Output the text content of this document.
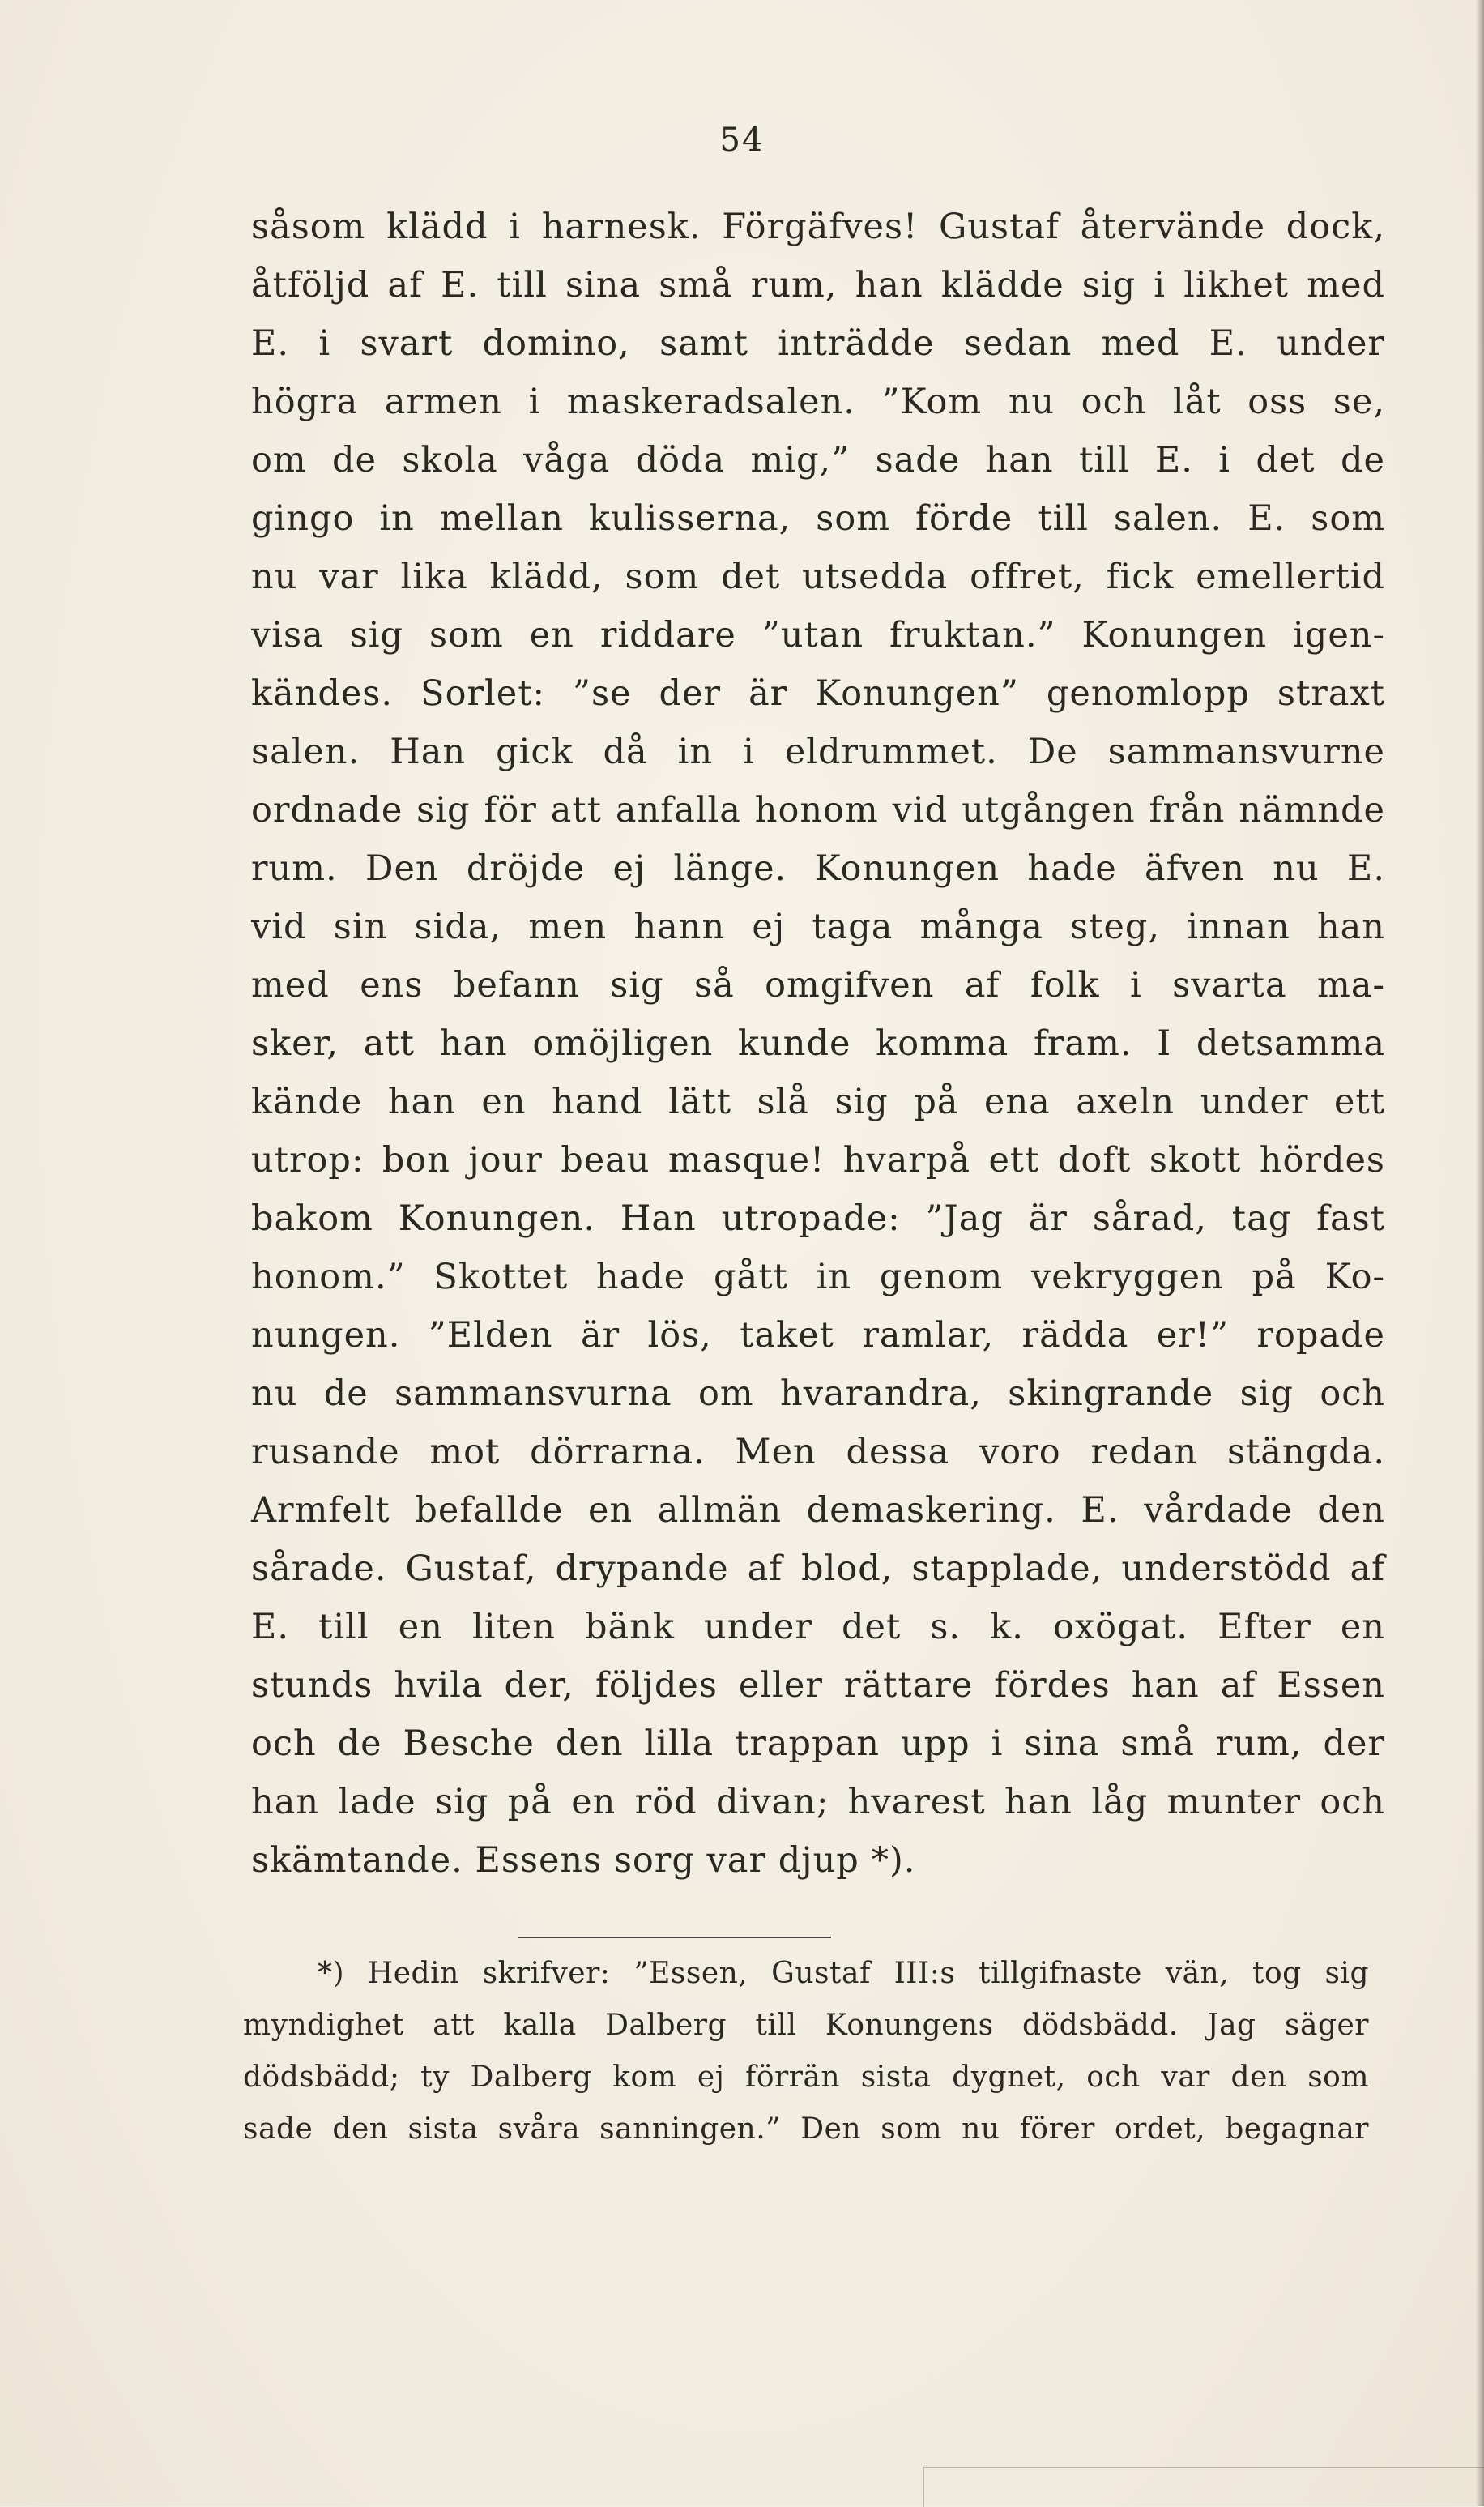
54
såsom klädd i harnesk. Förgäfves! Gustaf återvände dock,
åtföljd af E. till sina små rum, han klädde sig i likhet med
E. i svart domino, samt inträdde sedan med E. under
högra armen i maskeradsalen. ”Kom nu och låt oss se,
om de skola våga döda mig,” sade han till E. i det de
gingo in mellan kulisserna, som förde till salen. E. som
nu var lika klädd, som det utsedda offret, fick emellertid
visa sig som en riddare ”utan fruktan.” Konungen igen-
kändes. Sorlet: ”se der är Konungen” genomlopp straxt
salen. Han gick då in i eldrummet. De sammansvurne
ordnade sig för att anfalla honom vid utgången från nämnde
rum. Den dröjde ej länge. Konungen hade äfven nu E.
vid sin sida, men hann ej taga många steg, innan han
med ens befann sig så omgifven af folk i svarta ma-
sker, att han omöjligen kunde komma fram. I detsamma
kände han en hand lätt slå sig på ena axeln under ett
utrop: bon jour beau masque! hvarpå ett doft skott hördes
bakom Konungen. Han utropade: ”Jag är sårad, tag fast
honom.” Skottet hade gått in genom vekryggen på Ko-
nungen. ”Elden är lös, taket ramlar, rädda er!” ropade
nu de sammansvurna om hvarandra, skingrande sig och
rusande mot dörrarna. Men dessa voro redan stängda.
Armfelt befallde en allmän demaskering. E. vårdade den
sårade. Gustaf, drypande af blod, stapplade, understödd af
E. till en liten bänk under det s. k. oxögat. Efter en
stunds hvila der, följdes eller rättare fördes han af Essen
och de Besche den lilla trappan upp i sina små rum, der
han lade sig på en röd divan; hvarest han låg munter och
skämtande. Essens sorg var djup *).
*) Hedin skrifver: ”Essen, Gustaf III:s tillgifnaste vän, tog sig
myndighet att kalla Dalberg till Konungens dödsbädd. Jag säger
dödsbädd; ty Dalberg kom ej förrän sista dygnet, och var den som
sade den sista svåra sanningen.” Den som nu förer ordet, begagnar
